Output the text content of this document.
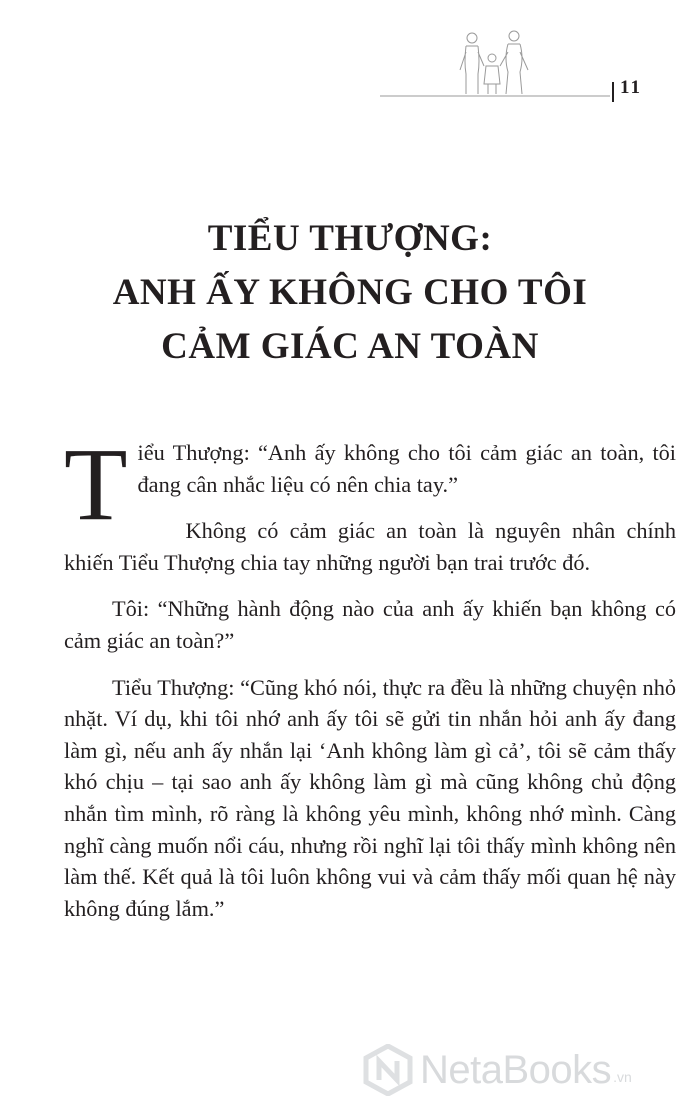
11
TIỂU THƯỢNG:
ANH ẤY KHÔNG CHO TÔI
CẢM GIÁC AN TOÀN

Tiểu Thượng: “Anh ấy không cho tôi cảm giác an toàn, tôi đang cân nhắc liệu có nên chia tay.”

Không có cảm giác an toàn là nguyên nhân chính khiến Tiểu Thượng chia tay những người bạn trai trước đó.

Tôi: “Những hành động nào của anh ấy khiến bạn không có cảm giác an toàn?”

Tiểu Thượng: “Cũng khó nói, thực ra đều là những chuyện nhỏ nhặt. Ví dụ, khi tôi nhớ anh ấy tôi sẽ gửi tin nhắn hỏi anh ấy đang làm gì, nếu anh ấy nhắn lại ‘Anh không làm gì cả’, tôi sẽ cảm thấy khó chịu – tại sao anh ấy không làm gì mà cũng không chủ động nhắn tìm mình, rõ ràng là không yêu mình, không nhớ mình. Càng nghĩ càng muốn nổi cáu, nhưng rồi nghĩ lại tôi thấy mình không nên làm thế. Kết quả là tôi luôn không vui và cảm thấy mối quan hệ này không đúng lắm.”

NetaBooks .vn
